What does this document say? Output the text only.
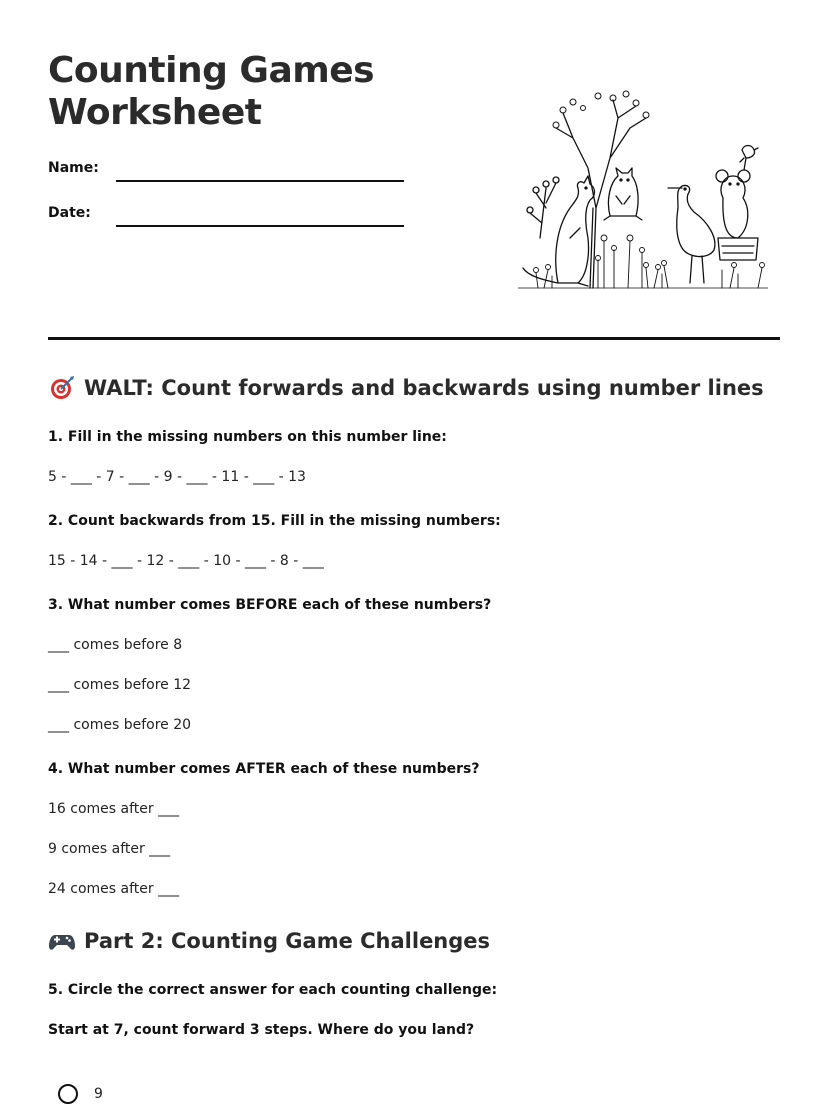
Counting Games
Worksheet
Name:
Date:
WALT: Count forwards and backwards using number lines

1. Fill in the missing numbers on this number line:

5 - ___ - 7 - ___ - 9 - ___ - 11 - ___ - 13

2. Count backwards from 15. Fill in the missing numbers:

15 - 14 - ___ - 12 - ___ - 10 - ___ - 8 - ___

3. What number comes BEFORE each of these numbers?

___ comes before 8

___ comes before 12

___ comes before 20

4. What number comes AFTER each of these numbers?

16 comes after ___

9 comes after ___

24 comes after ___

Part 2: Counting Game Challenges

5. Circle the correct answer for each counting challenge:

Start at 7, count forward 3 steps. Where do you land?

9
